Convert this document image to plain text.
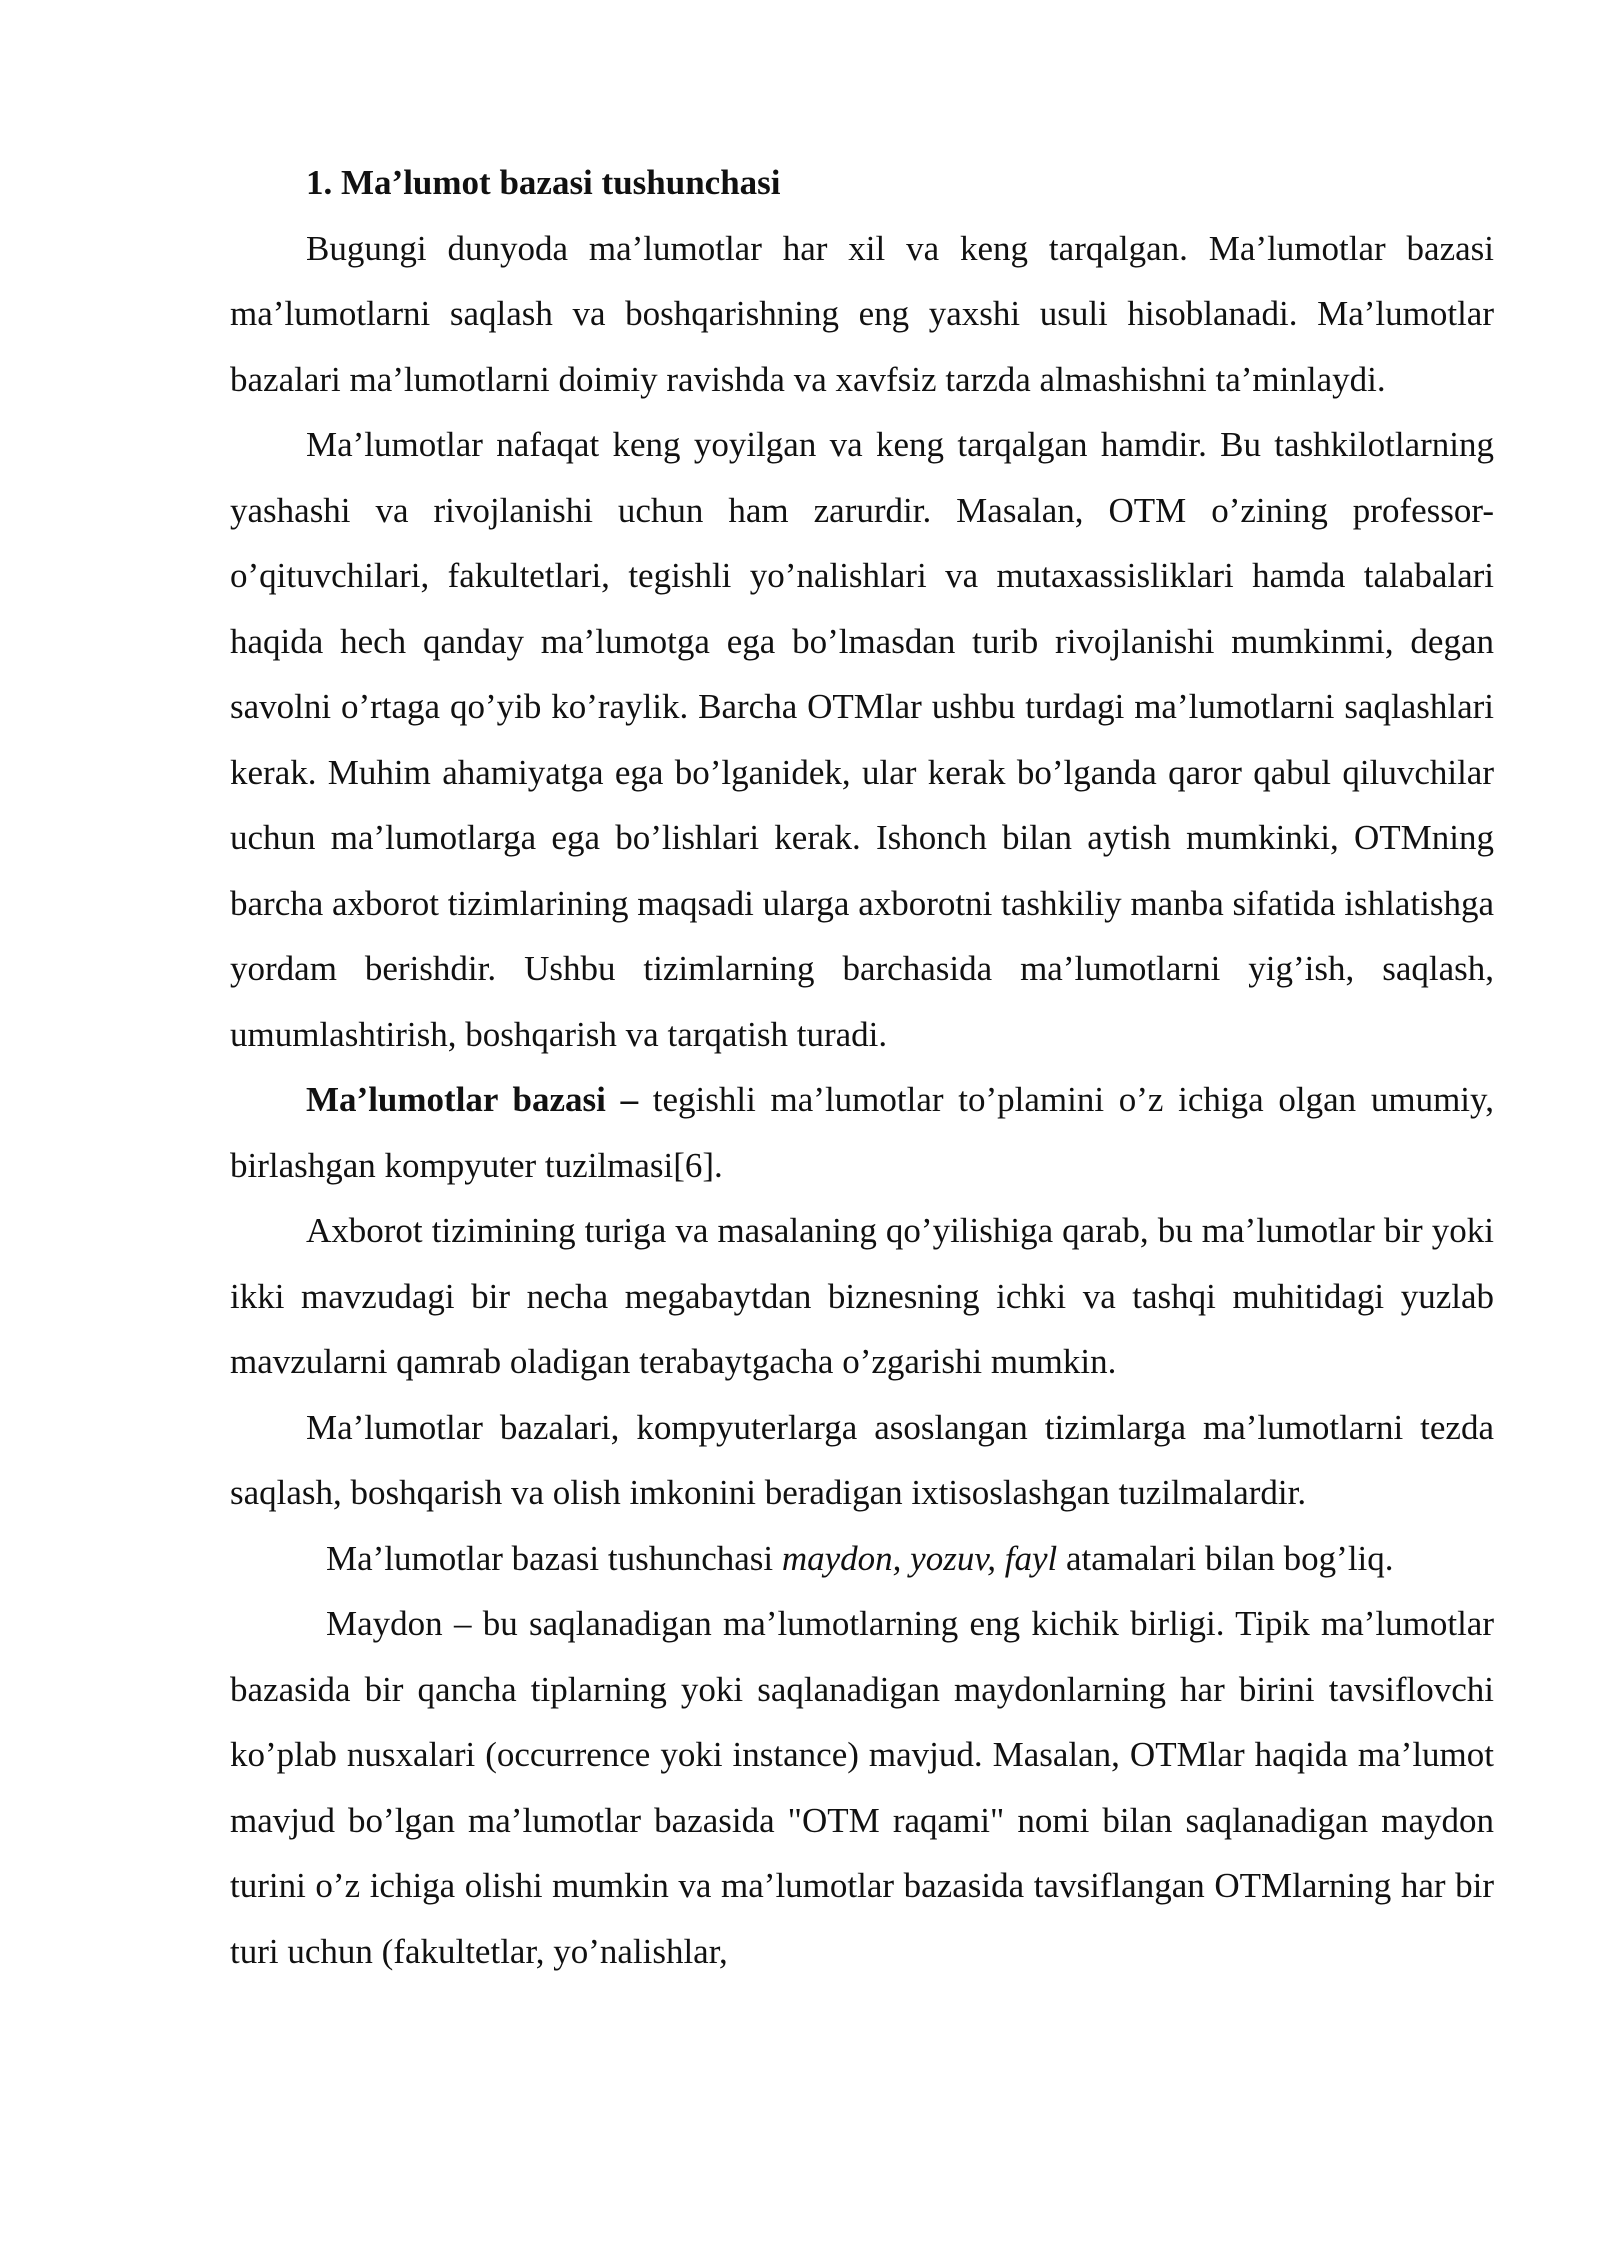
1. Ma’lumot bazasi tushunchasi

Bugungi dunyoda ma’lumotlar har xil va keng tarqalgan. Ma’lumotlar bazasi ma’lumotlarni saqlash va boshqarishning eng yaxshi usuli hisoblanadi. Ma’lumotlar bazalari ma’lumotlarni doimiy ravishda va xavfsiz tarzda almashishni ta’minlaydi.

Ma’lumotlar nafaqat keng yoyilgan va keng tarqalgan hamdir. Bu tashkilotlarning yashashi va rivojlanishi uchun ham zarurdir. Masalan, OTM o’zining professor-o’qituvchilari, fakultetlari, tegishli yo’nalishlari va mutaxassisliklari hamda talabalari haqida hech qanday ma’lumotga ega bo’lmasdan turib rivojlanishi mumkinmi, degan savolni o’rtaga qo’yib ko’raylik. Barcha OTMlar ushbu turdagi ma’lumotlarni saqlashlari kerak. Muhim ahamiyatga ega bo’lganidek, ular kerak bo’lganda qaror qabul qiluvchilar uchun ma’lumotlarga ega bo’lishlari kerak. Ishonch bilan aytish mumkinki, OTMning barcha axborot tizimlarining maqsadi ularga axborotni tashkiliy manba sifatida ishlatishga yordam berishdir. Ushbu tizimlarning barchasida ma’lumotlarni yig’ish, saqlash, umumlashtirish, boshqarish va tarqatish turadi.

Ma’lumotlar bazasi – tegishli ma’lumotlar to’plamini o’z ichiga olgan umumiy, birlashgan kompyuter tuzilmasi[6].

Axborot tizimining turiga va masalaning qo’yilishiga qarab, bu ma’lumotlar bir yoki ikki mavzudagi bir necha megabaytdan biznesning ichki va tashqi muhitidagi yuzlab mavzularni qamrab oladigan terabaytgacha o’zgarishi mumkin.

Ma’lumotlar bazalari, kompyuterlarga asoslangan tizimlarga ma’lumotlarni tezda saqlash, boshqarish va olish imkonini beradigan ixtisoslashgan tuzilmalardir.

Ma’lumotlar bazasi tushunchasi maydon, yozuv, fayl atamalari bilan bog’liq.

Maydon – bu saqlanadigan ma’lumotlarning eng kichik birligi. Tipik ma’lumotlar bazasida bir qancha tiplarning yoki saqlanadigan maydonlarning har birini tavsiflovchi ko’plab nusxalari (occurrence yoki instance) mavjud. Masalan, OTMlar haqida ma’lumot mavjud bo’lgan ma’lumotlar bazasida "OTM raqami" nomi bilan saqlanadigan maydon turini o’z ichiga olishi mumkin va ma’lumotlar bazasida tavsiflangan OTMlarning har bir turi uchun (fakultetlar, yo’nalishlar,
